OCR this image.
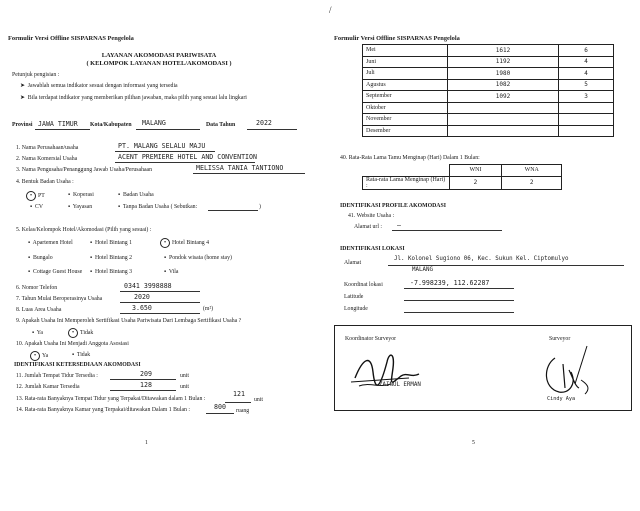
Formulir Versi Offline SISPARNAS Pengelola
LAYANAN AKOMODASI PARIWISATA
( KELOMPOK LAYANAN HOTEL/AKOMODASI )
Petunjuk pengisian :
➤  Jawablah semua indikator sesuai dengan informasi yang tersedia
➤  Bila terdapat indikator yang memberikan pilihan jawaban, maka pilih yang sesuai lalu lingkari
Provinsi JAWA TIMUR Kota/Kabupaten MALANG	Data Tahun	2022
1. Nama Perusahaan/usaha	PT. MALANG SELALU MAJU
2. Nama Komersial Usaha	ACENT PREMIERE HOTEL AND CONVENTION
3. Nama Pengusaha/Penanggung Jawab Usaha/Perusahaan	MELISSA TANIA TANTIONO
4. Bentuk Badan Usaha :
• PT	▪  Koperasi	▪  Badan Usaha
▪  CV	▪  Yayasan	▪  Tanpa Badan Usaha ( Sebutkan:	)
5. Kelas/Kelompok Hotel/Akomodasi (Pilih yang sesuai) :
▪  Apartemen Hotel	▪  Hotel Bintang 1	• Hotel Bintang 4
▪  Bungalo	▪  Hotel Bintang 2	▪  Pondok wisata (home stay)
▪  Cottage Guest House ▪  Hotel Bintang 3	▪  Vila
6. Nomor Telefon	0341 3998888
7. Tahun Mulai Beroperasinya Usaha	2020
8. Luas Area Usaha	3.650	(m²)
9. Apakah Usaha Ini Memperoleh Sertifikasi Usaha Pariwisata Dari Lembaga Sertifikasi Usaha ?
▪  Ya	• Tidak
10. Apakah Usaha Ini Menjadi Anggota Asosiasi
• Ya	▪  Tidak
IDENTIFIKASI KETERSEDIAAN AKOMODASI
11. Jumlah Tempat Tidur Tersedia :	209	unit
12. Jumlah Kamar Tersedia	128	unit
13. Rata-rata Banyaknya Tempat Tidur yang Terpakai/Ditawakan dalam 1 Bulan :
121
unit
14. Rata-rata Banyaknya Kamar yang Terpakai/ditawakan Dalam 1 Bulan :	800 ruang
1
/
Formulir Versi Offline SISPARNAS Pengelola
Mei	1612	6
Juni	1192	4
Juli	1980	4
Agustus	1082	5
September	1092	3
Oktober		
November		
Desember		
40. Rata-Rata Lama Tamu Menginap (Hari) Dalam 1 Bulan:
	WNI	WNA
Rata-rata Lama Menginap (Hari) :	2	2
IDENTIFIKASI PROFILE AKOMODASI
41. Website Usaha :
Alamat url : —
IDENTIFIKASI LOKASI
Alamat
Jl. Kolonel Sugiono 06, Kec. Sukun Kel. Ciptomulyo
MALANG
Koordinat lokasi	-7.998239, 112.62287
Latitude
Longitude
Koordinator Surveyor	Surveyor
ZAINUL ERMAN
Cindy Aya
5
